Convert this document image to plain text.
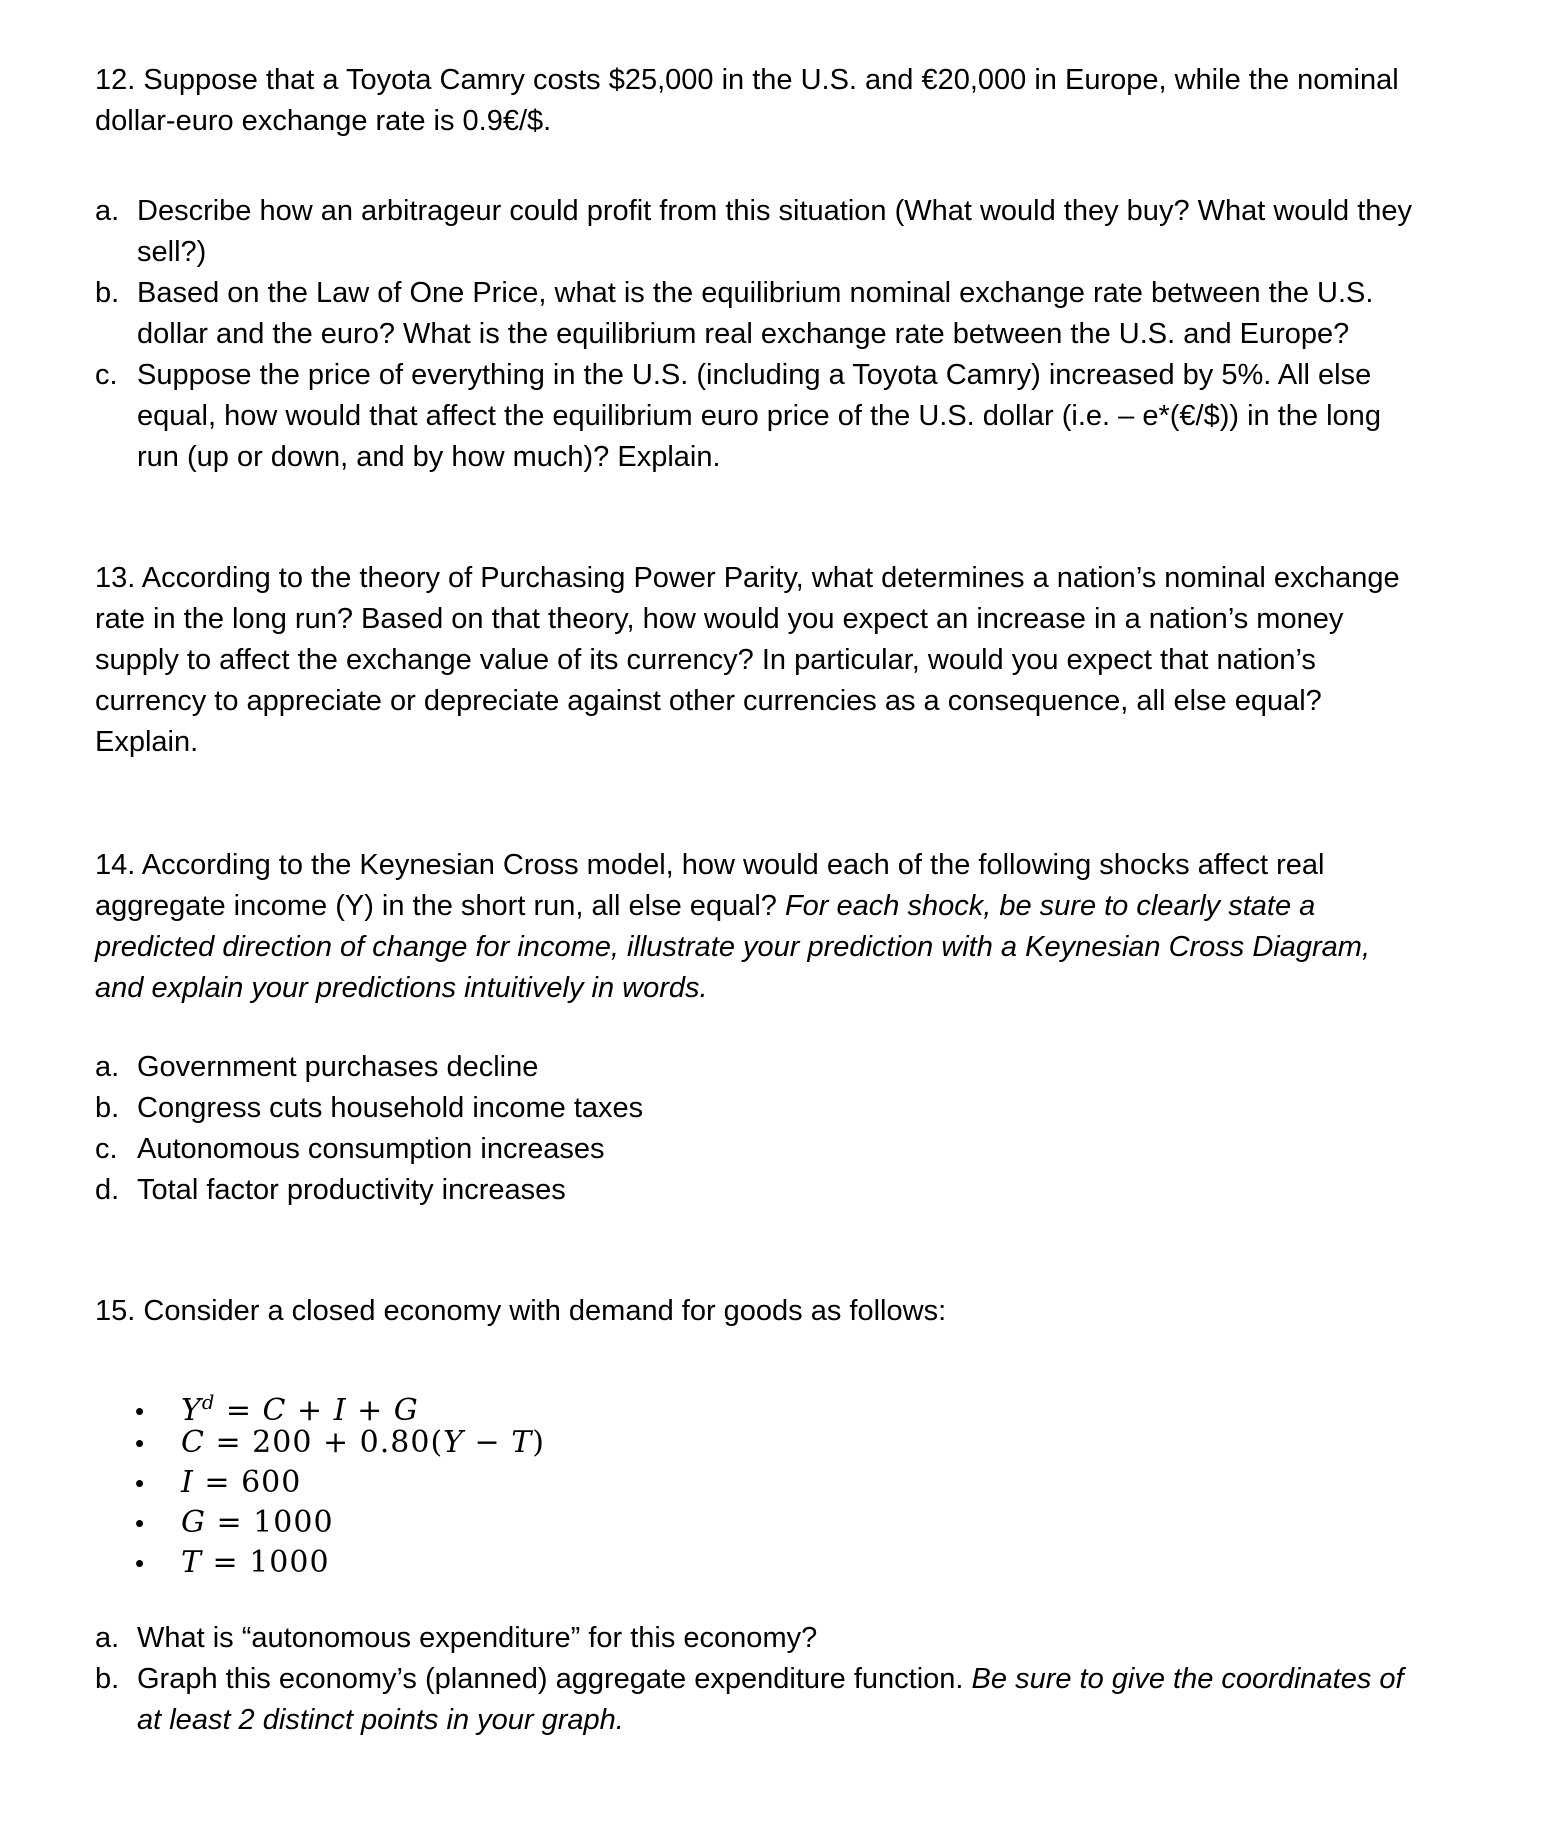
12. Suppose that a Toyota Camry costs $25,000 in the U.S. and €20,000 in Europe, while the nominal dollar-euro exchange rate is 0.9€/$.

a. Describe how an arbitrageur could profit from this situation (What would they buy? What would they sell?)
b. Based on the Law of One Price, what is the equilibrium nominal exchange rate between the U.S. dollar and the euro? What is the equilibrium real exchange rate between the U.S. and Europe?
c. Suppose the price of everything in the U.S. (including a Toyota Camry) increased by 5%. All else equal, how would that affect the equilibrium euro price of the U.S. dollar (i.e. – e*(€/$)) in the long run (up or down, and by how much)? Explain.

13. According to the theory of Purchasing Power Parity, what determines a nation’s nominal exchange rate in the long run? Based on that theory, how would you expect an increase in a nation’s money supply to affect the exchange value of its currency? In particular, would you expect that nation’s currency to appreciate or depreciate against other currencies as a consequence, all else equal? Explain.

14. According to the Keynesian Cross model, how would each of the following shocks affect real aggregate income (Y) in the short run, all else equal? For each shock, be sure to clearly state a predicted direction of change for income, illustrate your prediction with a Keynesian Cross Diagram, and explain your predictions intuitively in words.

a. Government purchases decline
b. Congress cuts household income taxes
c. Autonomous consumption increases
d. Total factor productivity increases

15. Consider a closed economy with demand for goods as follows:

•	$Y^d = C + I + G$
•	C = 200 + 0.80(Y − T)
•	I = 600
•	G = 1000
•	T = 1000
a. What is “autonomous expenditure” for this economy?
b. Graph this economy’s (planned) aggregate expenditure function. Be sure to give the coordinates of at least 2 distinct points in your graph.
